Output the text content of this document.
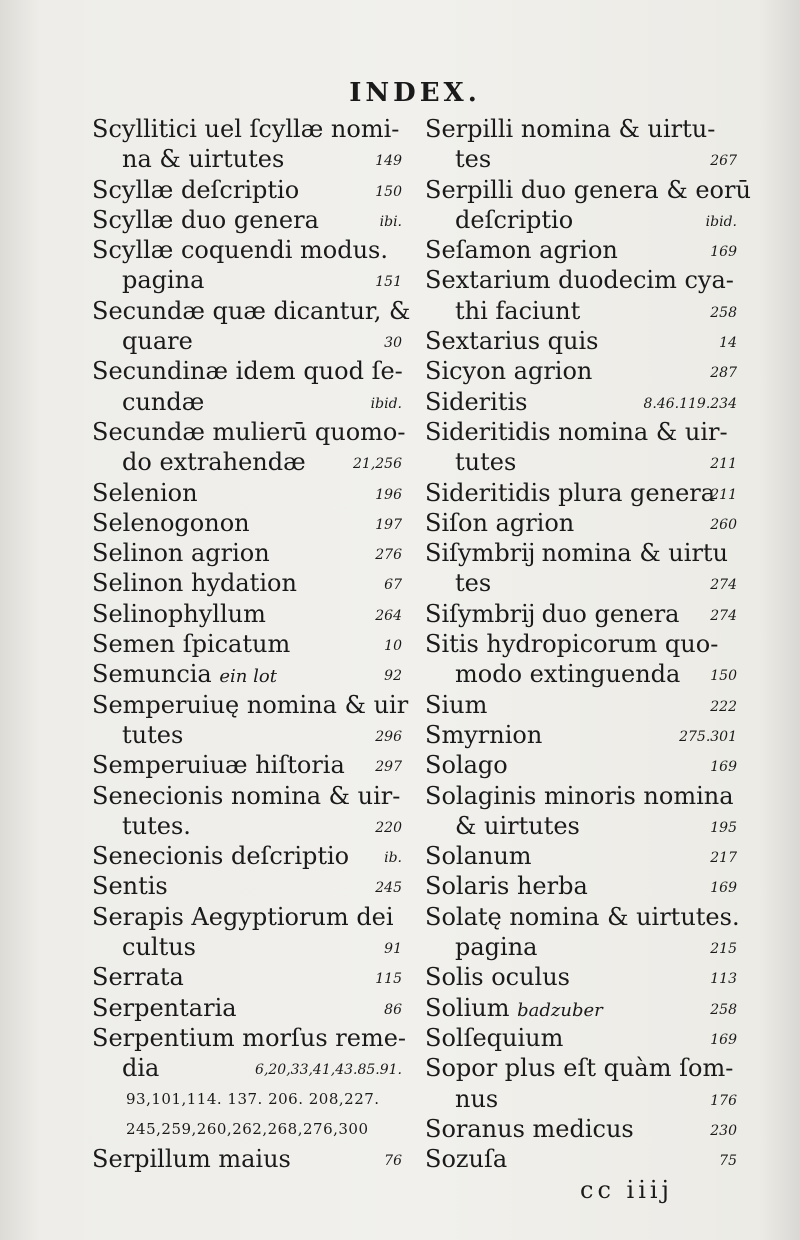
INDEX.
Scyllitici uel ſcyllæ nomi-
na & uirtutes	149
Scyllæ deſcriptio	150
Scyllæ duo genera	ibi.
Scyllæ coquendi modus.
pagina	151
Secundæ quæ dicantur, &
quare	30
Secundinæ idem quod ſe-
cundæ	ibid.
Secundæ mulierū quomo-
do extrahendæ	21,256
Selenion	196
Selenogonon	197
Selinon agrion	276
Selinon hydation	67
Selinophyllum	264
Semen ſpicatum	10
Semuncia ein lot	92
Semperuiuę nomina & uir
tutes	296
Semperuiuæ hiſtoria 297
Senecionis nomina & uir-
tutes.	220
Senecionis deſcriptio ib.
Sentis	245
Serapis Aegyptiorum dei
cultus	91
Serrata	115
Serpentaria	86
Serpentium morſus reme-
dia	6,20,33,41,43.85.91.
93,101,114. 137. 206. 208,227.
245,259,260,262,268,276,300
Serpillum maius	76
Serpilli nomina & uirtu-
tes	267
Serpilli duo genera & eorū
deſcriptio	ibid.
Seſamon agrion	169
Sextarium duodecim cya-
thi faciunt	258
Sextarius quis	14
Sicyon agrion	287
Sideritis	8.46.119.234
Sideritidis nomina & uir-
tutes	211
Sideritidis plura genera
211
Siſon agrion	260
Siſymbrĳ nomina & uirtu
tes	274
Siſymbrĳ duo genera 274
Sitis hydropicorum quo-
modo extinguenda 150
Sium	222
Smyrnion	275.301
Solago	169
Solaginis minoris nomina
& uirtutes	195
Solanum	217
Solaris herba	169
Solatę nomina & uirtutes.
pagina	215
Solis oculus	113
Solium badzuber	258
Solſequium	169
Sopor plus eſt quàm ſom-
nus	176
Soranus medicus	230
Sozuſa	75
cc iiij
